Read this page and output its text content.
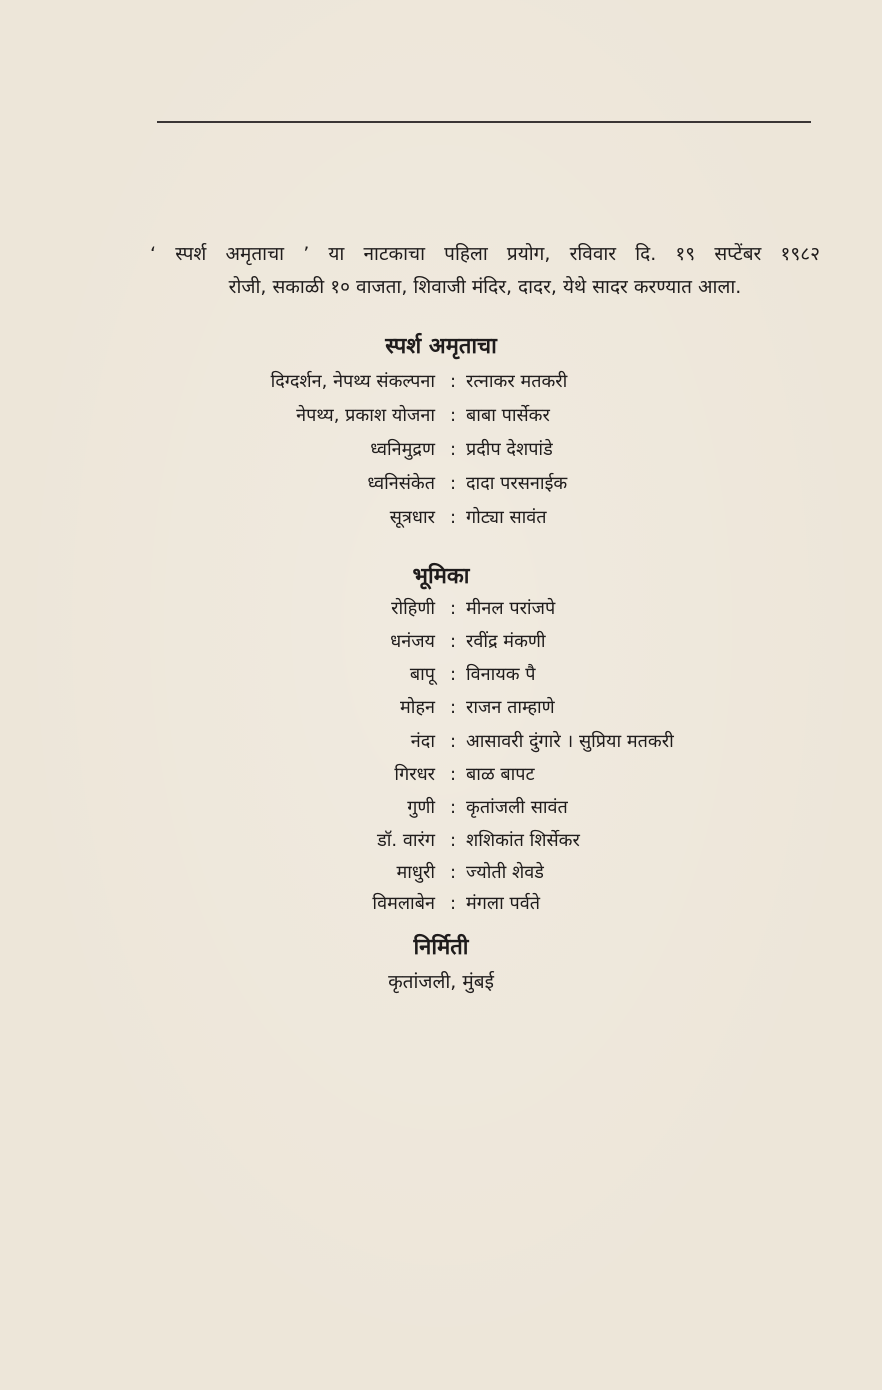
‘ स्पर्श अमृताचा ’ या नाटकाचा पहिला प्रयोग, रविवार दि. १९ सप्टेंबर १९८२

रोजी, सकाळी १० वाजता, शिवाजी मंदिर, दादर, येथे सादर करण्यात आला.

स्पर्श अमृताचा
दिग्दर्शन, नेपथ्य संकल्पना : रत्नाकर मतकरी
नेपथ्य, प्रकाश योजना : बाबा पार्सेकर
ध्वनिमुद्रण : प्रदीप देशपांडे
ध्वनिसंकेत : दादा परसनाईक
सूत्रधार : गोट्या सावंत
भूमिका
रोहिणी : मीनल परांजपे
धनंजय : रवींद्र मंकणी
बापू : विनायक पै
मोहन : राजन ताम्हाणे
नंदा : आसावरी दुंगारे । सुप्रिया मतकरी
गिरधर : बाळ बापट
गुणी : कृतांजली सावंत
डॉ. वारंग : शशिकांत शिर्सेकर
माधुरी : ज्योती शेवडे
विमलाबेन : मंगला पर्वते
निर्मिती
कृतांजली, मुंबई
